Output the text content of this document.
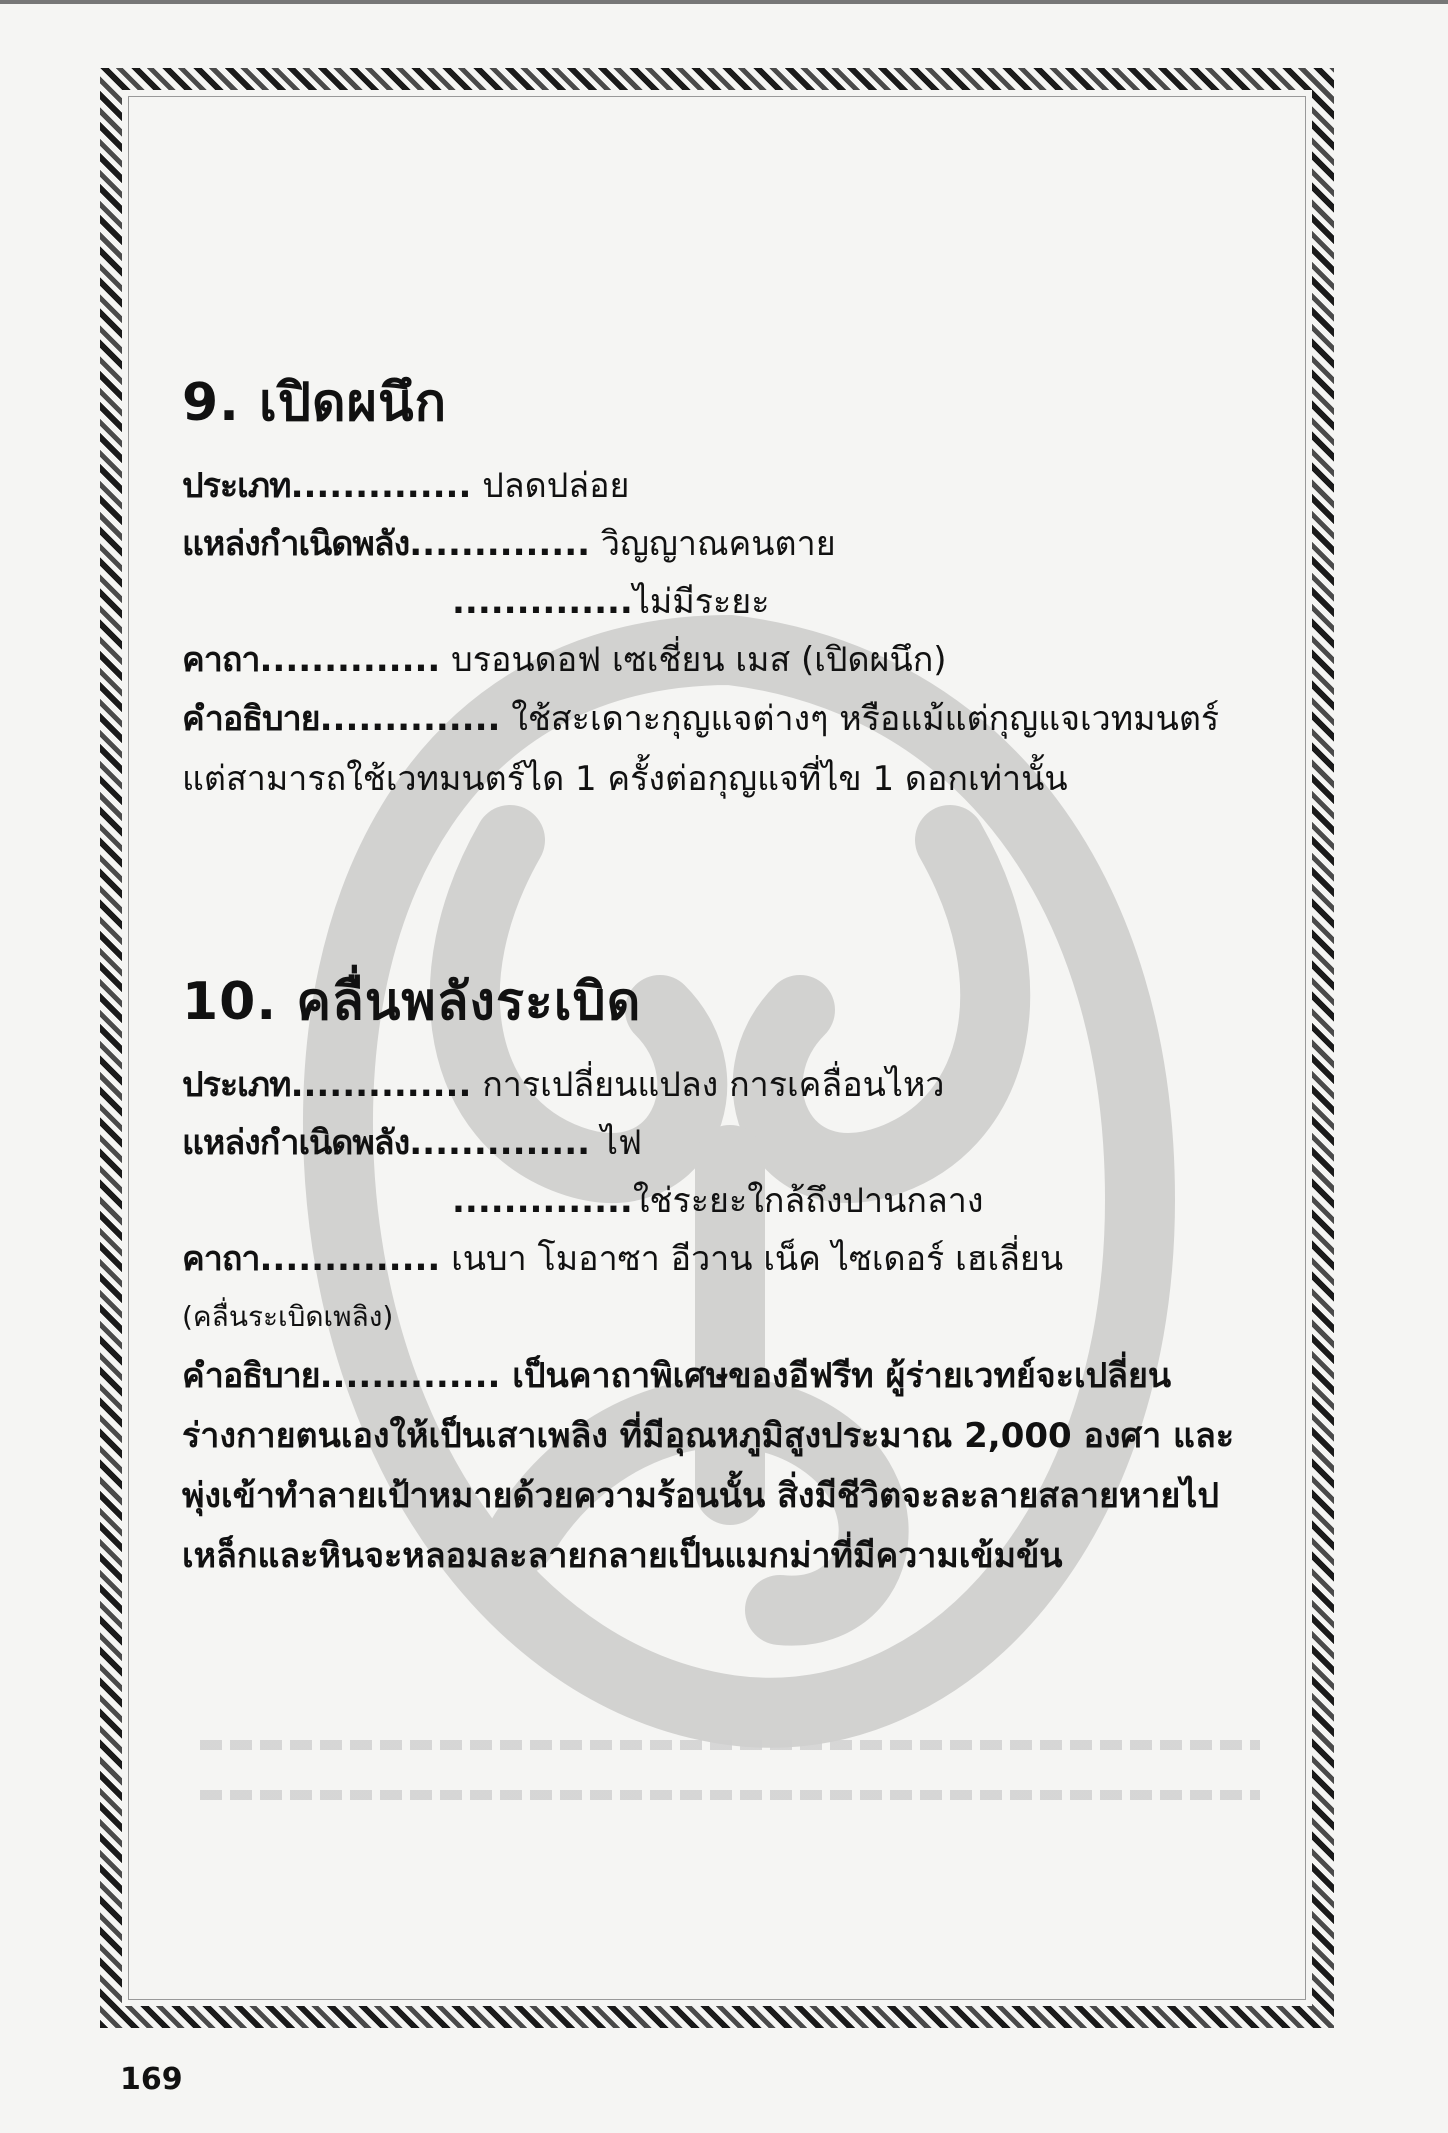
9. เปิดผนึก

ประเภท.............. ปลดปล่อย

แหล่งกำเนิดพลัง.............. วิญญาณคนตาย

..............ไม่มีระยะ

คาถา.............. บรอนดอฟ เซเชี่ยน เมส (เปิดผนึก)

คำอธิบาย.............. ใช้สะเดาะกุญแจต่างๆ หรือแม้แต่กุญแจเวทมนตร์ แต่สามารถใช้เวทมนตร์ได 1 ครั้งต่อกุญแจที่ไข 1 ดอกเท่านั้น

10. คลื่นพลังระเบิด

ประเภท.............. การเปลี่ยนแปลง การเคลื่อนไหว

แหล่งกำเนิดพลัง.............. ไฟ

..............ใช่ระยะใกล้ถึงปานกลาง

คาถา.............. เนบา โมอาซา อีวาน เน็ค ไซเดอร์ เฮเลี่ยน

(คลื่นระเบิดเพลิง)

คำอธิบาย.............. เป็นคาถาพิเศษของอีฟรีท ผู้ร่ายเวทย์จะเปลี่ยนร่างกายตนเองให้เป็นเสาเพลิง ที่มีอุณหภูมิสูงประมาณ 2,000 องศา และพุ่งเข้าทำลายเป้าหมายด้วยความร้อนนั้น สิ่งมีชีวิตจะละลายสลายหายไป เหล็กและหินจะหลอมละลายกลายเป็นแมกม่าที่มีความเข้มข้น

169
